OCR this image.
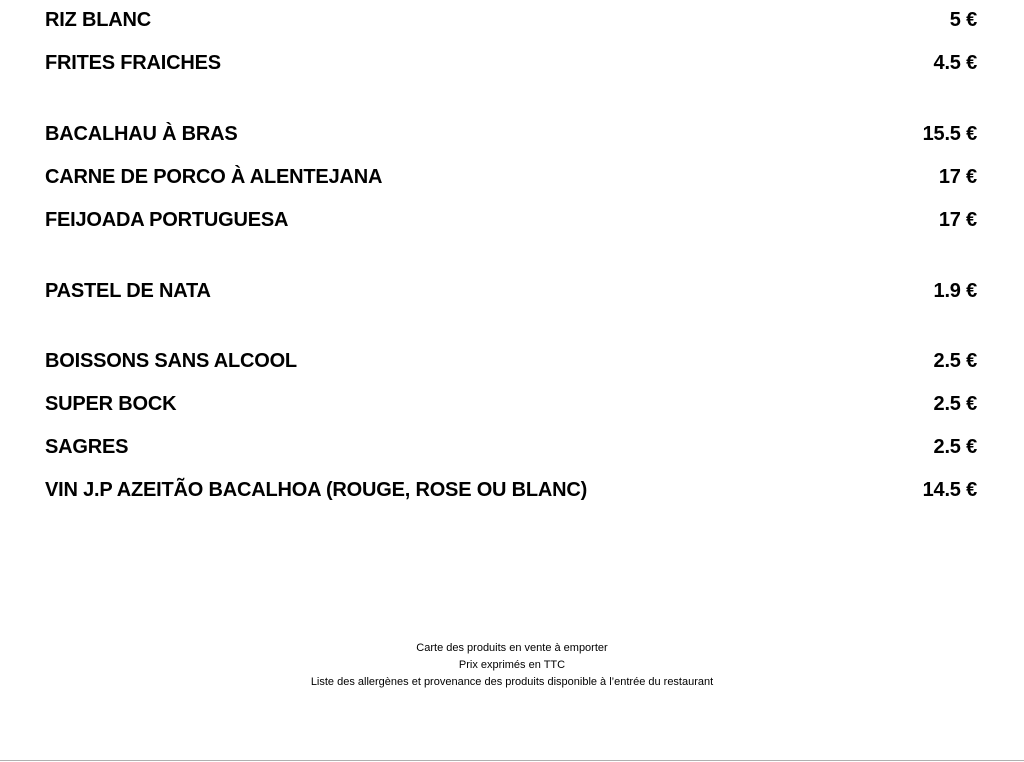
RIZ BLANC	5 €
FRITES FRAICHES	4.5 €
BACALHAU À BRAS	15.5 €
CARNE DE PORCO À ALENTEJANA	17 €
FEIJOADA PORTUGUESA	17 €
PASTEL DE NATA	1.9 €
BOISSONS SANS ALCOOL	2.5 €
SUPER BOCK	2.5 €
SAGRES	2.5 €
VIN J.P AZEITÃO BACALHOA (ROUGE, ROSE OU BLANC)	14.5 €
Carte des produits en vente à emporter
Prix exprimés en TTC
Liste des allergènes et provenance des produits disponible à l’entrée du restaurant
